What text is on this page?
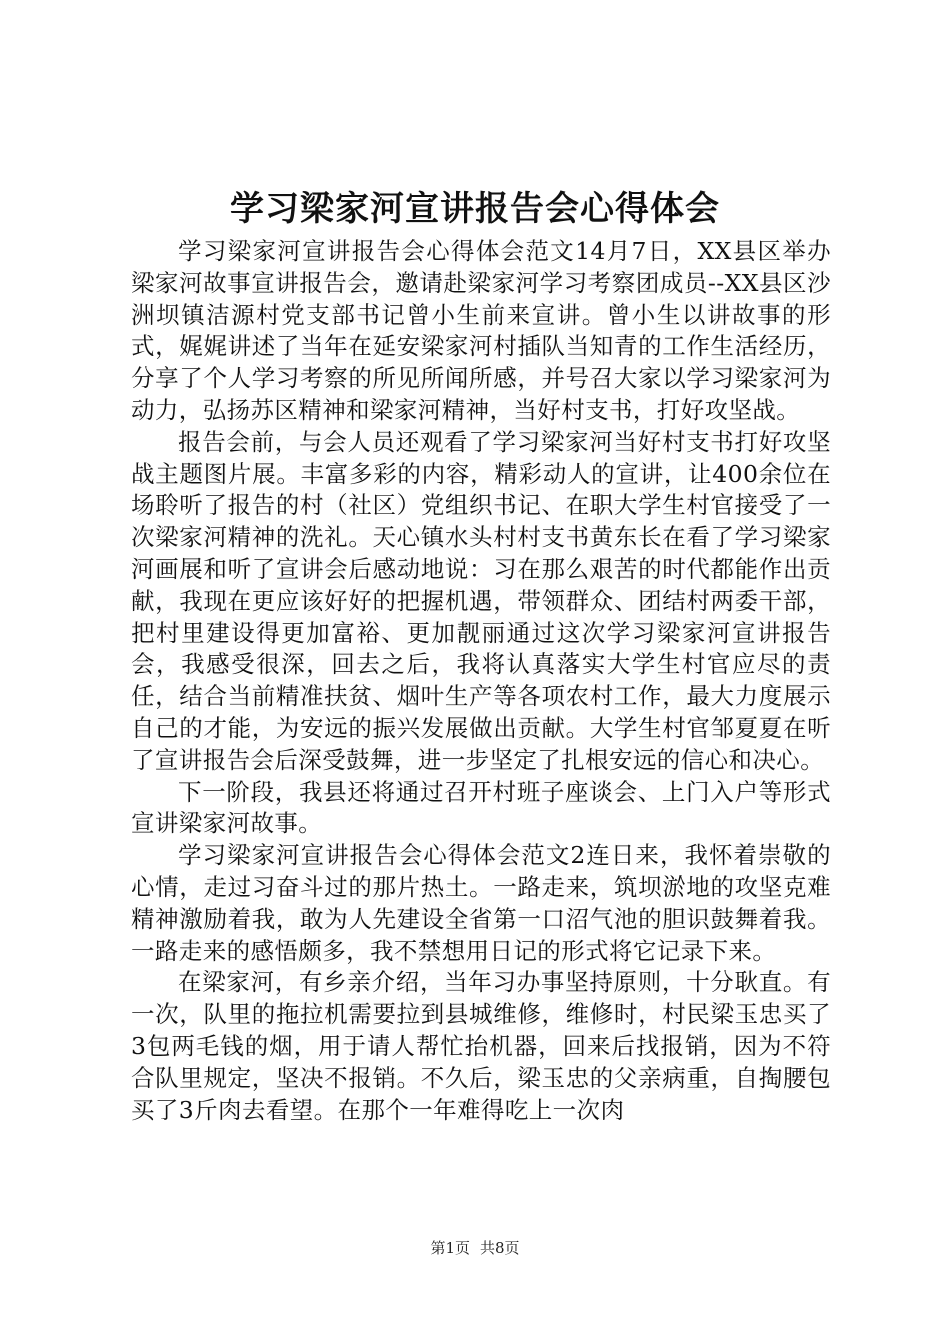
学习梁家河宣讲报告会心得体会

学习梁家河宣讲报告会心得体会范文14月7日，XX县区举办梁家河故事宣讲报告会，邀请赴梁家河学习考察团成员--XX县区沙洲坝镇洁源村党支部书记曾小生前来宣讲。曾小生以讲故事的形式，娓娓讲述了当年在延安梁家河村插队当知青的工作生活经历，分享了个人学习考察的所见所闻所感，并号召大家以学习梁家河为动力，弘扬苏区精神和梁家河精神，当好村支书，打好攻坚战。

报告会前，与会人员还观看了学习梁家河当好村支书打好攻坚战主题图片展。丰富多彩的内容，精彩动人的宣讲，让400余位在场聆听了报告的村（社区）党组织书记、在职大学生村官接受了一次梁家河精神的洗礼。天心镇水头村村支书黄东长在看了学习梁家河画展和听了宣讲会后感动地说：习在那么艰苦的时代都能作出贡献，我现在更应该好好的把握机遇，带领群众、团结村两委干部，把村里建设得更加富裕、更加靓丽通过这次学习梁家河宣讲报告会，我感受很深，回去之后，我将认真落实大学生村官应尽的责任，结合当前精准扶贫、烟叶生产等各项农村工作，最大力度展示自己的才能，为安远的振兴发展做出贡献。大学生村官邹夏夏在听了宣讲报告会后深受鼓舞，进一步坚定了扎根安远的信心和决心。

下一阶段，我县还将通过召开村班子座谈会、上门入户等形式宣讲梁家河故事。

学习梁家河宣讲报告会心得体会范文2连日来，我怀着崇敬的心情，走过习奋斗过的那片热土。一路走来，筑坝淤地的攻坚克难精神激励着我，敢为人先建设全省第一口沼气池的胆识鼓舞着我。一路走来的感悟颇多，我不禁想用日记的形式将它记录下来。

在梁家河，有乡亲介绍，当年习办事坚持原则，十分耿直。有一次，队里的拖拉机需要拉到县城维修，维修时，村民梁玉忠买了3包两毛钱的烟，用于请人帮忙抬机器，回来后找报销，因为不符合队里规定，坚决不报销。不久后，梁玉忠的父亲病重，自掏腰包买了3斤肉去看望。在那个一年难得吃上一次肉

第1页 共8页
